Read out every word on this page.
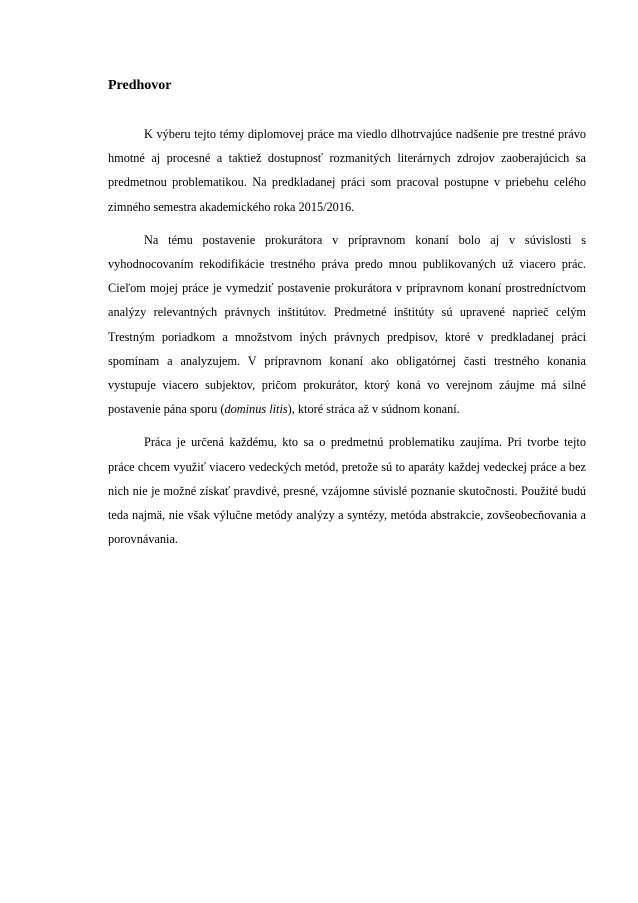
Predhovor

K výberu tejto témy diplomovej práce ma viedlo dlhotrvajúce nadšenie pre trestné právo hmotné aj procesné a taktiež dostupnosť rozmanitých literárnych zdrojov zaoberajúcich sa predmetnou problematikou. Na predkladanej práci som pracoval postupne v priebehu celého zimného semestra akademického roka 2015/2016.

Na tému postavenie prokurátora v prípravnom konaní bolo aj v súvislosti s vyhodnocovaním rekodifikácie trestného práva predo mnou publikovaných už viacero prác. Cieľom mojej práce je vymedziť postavenie prokurátora v prípravnom konaní prostredníctvom analýzy relevantných právnych inštitútov. Predmetné inštitúty sú upravené naprieč celým Trestným poriadkom a množstvom iných právnych predpisov, ktoré v predkladanej práci spomínam a analyzujem. V prípravnom konaní ako obligatórnej časti trestného konania vystupuje viacero subjektov, pričom prokurátor, ktorý koná vo verejnom záujme má silné postavenie pána sporu (dominus litis), ktoré stráca až v súdnom konaní.

Práca je určená každému, kto sa o predmetnú problematiku zaujíma. Pri tvorbe tejto práce chcem využiť viacero vedeckých metód, pretože sú to aparáty každej vedeckej práce a bez nich nie je možné získať pravdivé, presné, vzájomne súvislé poznanie skutočnosti. Použité budú teda najmä, nie však výlučne metódy analýzy a syntézy, metóda abstrakcie, zovšeobecňovania a porovnávania.
